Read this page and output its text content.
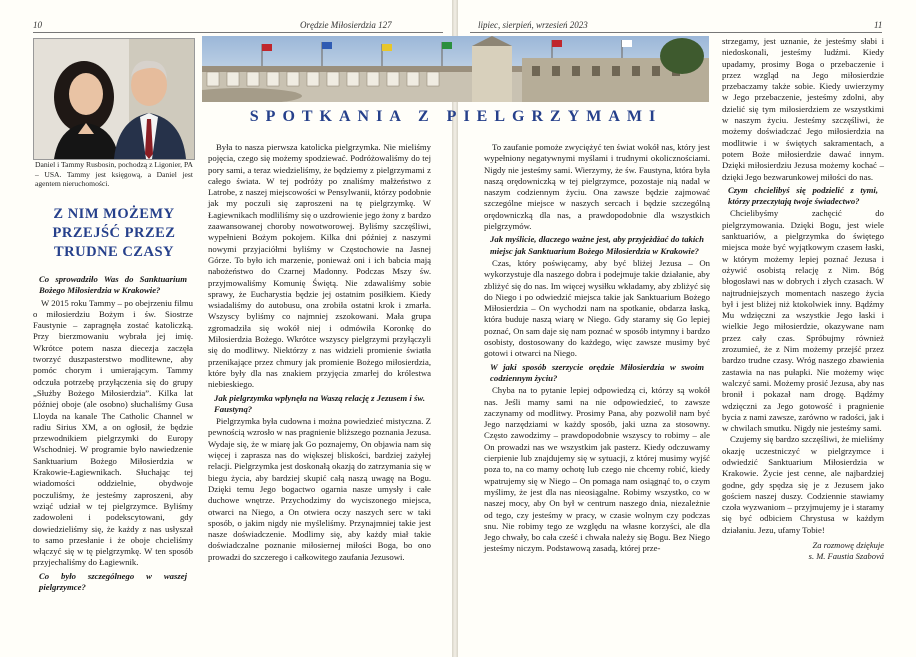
10	Orędzie Miłosierdzia 127	lipiec, sierpień, wrzesień 2023	11
Daniel i Tammy Rusbosin, pochodzą z Ligonier, PA – USA. Tammy jest księgową, a Daniel jest agentem nieruchomości.
Z NIM MOŻEMY PRZEJŚĆ PRZEZ TRUDNE CZASY
SPOTKANIA Z PIELGRZYMAMI

Co sprowadziło Was do Sanktuarium Bożego Miłosierdzia w Krakowie?

W 2015 roku Tammy – po obejrzeniu filmu o miłosierdziu Bożym i św. Siostrze Faustynie – zapragnęła zostać katoliczką. Przy bierzmowaniu wybrała jej imię. Wkrótce potem nasza diecezja zaczęła tworzyć duszpasterstwo modlitewne, aby pomóc chorym i umierającym. Tammy odczuła potrzebę przyłączenia się do grupy „Służby Bożego Miłosierdzia”. Kilka lat później oboje (ale osobno) słuchaliśmy Gusa Lloyda na kanale The Catholic Channel w radiu Sirius XM, a on ogłosił, że będzie przewodnikiem pielgrzymki do Europy Wschodniej. W programie było nawiedzenie Sanktuarium Bożego Miłosierdzia w Krakowie-Łagiewnikach. Słuchając tej wiadomości oddzielnie, obydwoje poczuliśmy, że jesteśmy zaproszeni, aby wziąć udział w tej pielgrzymce. Byliśmy zadowoleni i podekscytowani, gdy dowiedzieliśmy się, że każdy z nas usłyszał to samo przesłanie i że oboje chcieliśmy włączyć się w tę pielgrzymkę. W ten sposób przyjechaliśmy do Łagiewnik.

Co było szczególnego w waszej pielgrzymce?

Była to nasza pierwsza katolicka pielgrzymka. Nie mieliśmy pojęcia, czego się możemy spodziewać. Podróżowaliśmy do tej pory sami, a teraz wiedzieliśmy, że będziemy z pielgrzymami z całego świata. W tej podróży po znaliśmy małżeństwo z Latrobe, z naszej miejscowości w Pensylwanii, którzy podobnie jak my poczuli się zaproszeni na tę pielgrzymkę. W Łagiewnikach modliliśmy się o uzdrowienie jego żony z bardzo zaawansowanej choroby nowotworowej. Byliśmy szczęśliwi, wypełnieni Bożym pokojem. Kilka dni później z naszymi nowymi przyjaciółmi byliśmy w Częstochowie na Jasnej Górze. To było ich marzenie, ponieważ oni i ich babcia mają nabożeństwo do Czarnej Madonny. Podczas Mszy św. przyjmowaliśmy Komunię Świętą. Nie zdawaliśmy sobie sprawy, że Eucharystia będzie jej ostatnim posiłkiem. Kiedy wsiadaliśmy do autobusu, ona zrobiła ostatni krok i zmarła. Wszyscy byliśmy co najmniej zszokowani. Mała grupa zgromadziła się wokół niej i odmówiła Koronkę do Miłosierdzia Bożego. Wkrótce wszyscy pielgrzymi przyłączyli się do modlitwy. Niektórzy z nas widzieli promienie światła przenikające przez chmury jak promienie Bożego miłosierdzia, które były dla nas znakiem przyjęcia zmarłej do królestwa niebieskiego.

Jak pielgrzymka wpłynęła na Waszą relację z Jezusem i św. Faustyną?

Pielgrzymka była cudowna i można powiedzieć mistyczna. Z pewnością wzrosło w nas pragnienie bliższego poznania Jezusa. Wydaje się, że w miarę jak Go poznajemy, On objawia nam się więcej i zaprasza nas do większej bliskości, bardziej zażyłej relacji. Pielgrzymka jest doskonałą okazją do zatrzymania się w biegu życia, aby bardziej skupić całą naszą uwagę na Bogu. Dzięki temu Jego bogactwo ogarnia nasze umysły i całe duchowe wnętrze. Przychodzimy do wyciszonego miejsca, otwarci na Niego, a On otwiera oczy naszych serc w taki sposób, o jakim nigdy nie myśleliśmy. Przynajmniej takie jest nasze doświadczenie. Modlimy się, aby każdy miał takie doświadczalne poznanie miłosiernej miłości Boga, bo ono prowadzi do szczerego i całkowitego zaufania Jezusowi.

To zaufanie pomoże zwyciężyć ten świat wokół nas, który jest wypełniony negatywnymi myślami i trudnymi okolicznościami. Nigdy nie jesteśmy sami. Wierzymy, że św. Faustyna, która była naszą orędowniczką w tej pielgrzymce, pozostaje nią nadal w naszym codziennym życiu. Ona zawsze będzie zajmować szczególne miejsce w naszych sercach i będzie szczególną orędowniczką dla nas, a prawdopodobnie dla wszystkich pielgrzymów.

Jak myślicie, dlaczego ważne jest, aby przyjeżdżać do takich miejsc jak Sanktuarium Bożego Miłosierdzia w Krakowie?

Czas, który poświęcamy, aby być bliżej Jezusa – On wykorzystuje dla naszego dobra i podejmuje takie działanie, aby zbliżyć się do nas. Im więcej wysiłku wkładamy, aby zbliżyć się do Niego i po odwiedzić miejsca takie jak Sanktuarium Bożego Miłosierdzia – On wychodzi nam na spotkanie, obdarza łaską, która buduje naszą wiarę w Niego. Gdy staramy się Go lepiej poznać, On sam daje się nam poznać w sposób intymny i bardzo osobisty, dostosowany do każdego, więc zawsze musimy być gotowi i otwarci na Niego.

W jaki sposób szerzycie orędzie Miłosierdzia w swoim codziennym życiu?

Chyba na to pytanie lepiej odpowiedzą ci, którzy są wokół nas. Jeśli mamy sami na nie odpowiedzieć, to zawsze zaczynamy od modlitwy. Prosimy Pana, aby pozwolił nam być Jego narzędziami w każdy sposób, jaki uzna za stosowny. Często zawodzimy – prawdopodobnie wszyscy to robimy – ale On prowadzi nas we wszystkim jak pasterz. Kiedy odczuwamy cierpienie lub znajdujemy się w sytuacji, z której musimy wyjść poza to, na co mamy ochotę lub czego nie chcemy robić, kiedy wpatrujemy się w Niego – On pomaga nam osiągnąć to, o czym myślimy, że jest dla nas nieosiągalne. Robimy wszystko, co w naszej mocy, aby On był w centrum naszego dnia, niezależnie od tego, czy jesteśmy w pracy, w czasie wolnym czy podczas snu. Nie robimy tego ze względu na własne korzyści, ale dla Jego chwały, bo cała cześć i chwała należy się Bogu. Bez Niego jesteśmy niczym. Podstawową zasadą, której prze-

strzegamy, jest uznanie, że jesteśmy słabi i niedoskonali, jesteśmy ludźmi. Kiedy upadamy, prosimy Boga o przebaczenie i przez wzgląd na Jego miłosierdzie przebaczamy także sobie. Kiedy uwierzymy w Jego przebaczenie, jesteśmy zdolni, aby dzielić się tym miłosierdziem ze wszystkimi w naszym życiu. Jesteśmy szczęśliwi, że możemy doświadczać Jego miłosierdzia na modlitwie i w świętych sakramentach, a potem Boże miłosierdzie dawać innym. Dzięki miłosierdziu Jezusa możemy kochać – dzięki Jego bezwarunkowej miłości do nas.

Czym chcielibyś się podzielić z tymi, którzy przeczytają twoje świadectwo?

Chcielibyśmy zachęcić do pielgrzymowania. Dzięki Bogu, jest wiele sanktuariów, a pielgrzymka do świętego miejsca może być wyjątkowym czasem łaski, w którym możemy lepiej poznać Jezusa i ożywić osobistą relację z Nim. Bóg błogosławi nas w dobrych i złych czasach. W najtrudniejszych momentach naszego życia był i jest bliżej niż ktokolwiek inny. Bądźmy Mu wdzięczni za wszystkie Jego łaski i wielkie Jego miłosierdzie, okazywane nam przez cały czas. Spróbujmy również zrozumieć, że z Nim możemy przejść przez bardzo trudne czasy. Wróg naszego zbawienia zastawia na nas pułapki. Nie możemy więc walczyć sami. Możemy prosić Jezusa, aby nas bronił i pokazał nam drogę. Bądźmy wdzięczni za Jego gotowość i pragnienie bycia z nami zawsze, zarówno w radości, jak i w chwilach smutku. Nigdy nie jesteśmy sami.

Czujemy się bardzo szczęśliwi, że mieliśmy okazję uczestniczyć w pielgrzymce i odwiedzić Sanktuarium Miłosierdzia w Krakowie. Życie jest cenne, ale najbardziej godne, gdy spędza się je z Jezusem jako gościem naszej duszy. Codziennie stawiamy czoła wyzwaniom – przyjmujemy je i staramy się być odbiciem Chrystusa w każdym działaniu. Jezu, ufamy Tobie!

Za rozmowę dziękuje
s. M. Faustia Szabová
